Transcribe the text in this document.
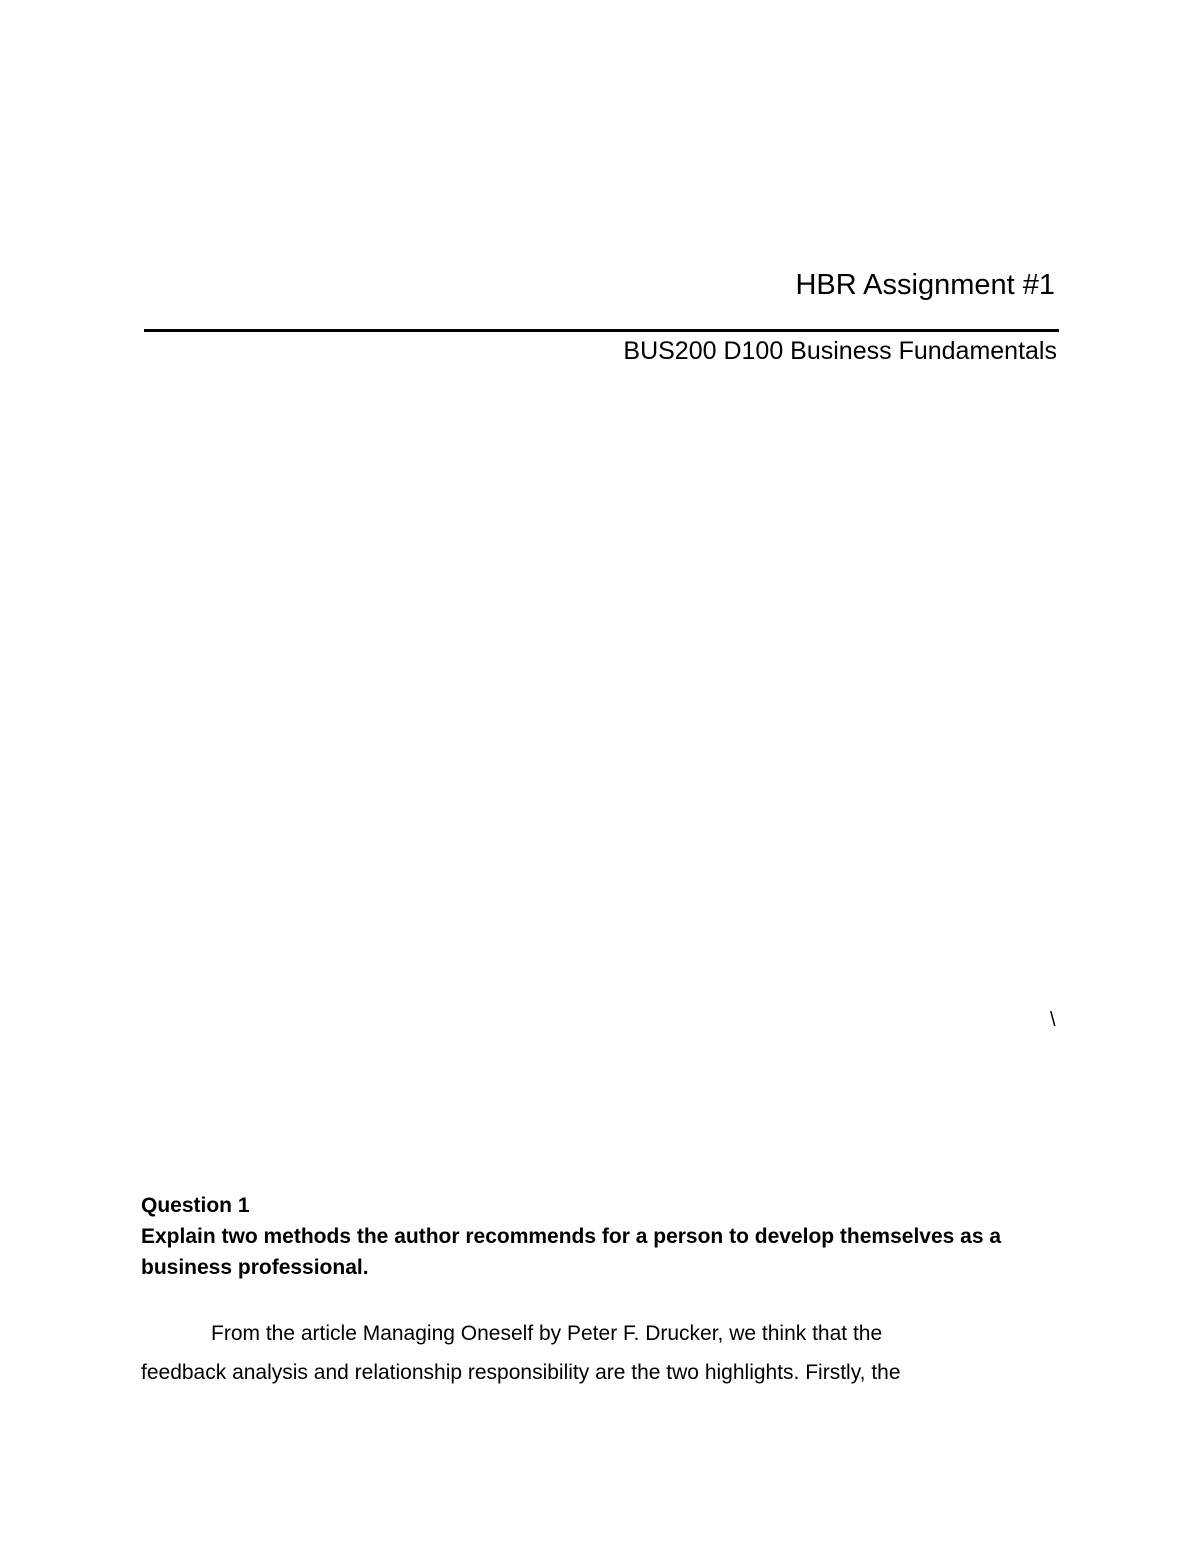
HBR Assignment #1
BUS200 D100 Business Fundamentals
\
Question 1
Explain two methods the author recommends for a person to develop themselves as a business professional.
From the article Managing Oneself by Peter F. Drucker, we think that the
feedback analysis and relationship responsibility are the two highlights. Firstly, the
